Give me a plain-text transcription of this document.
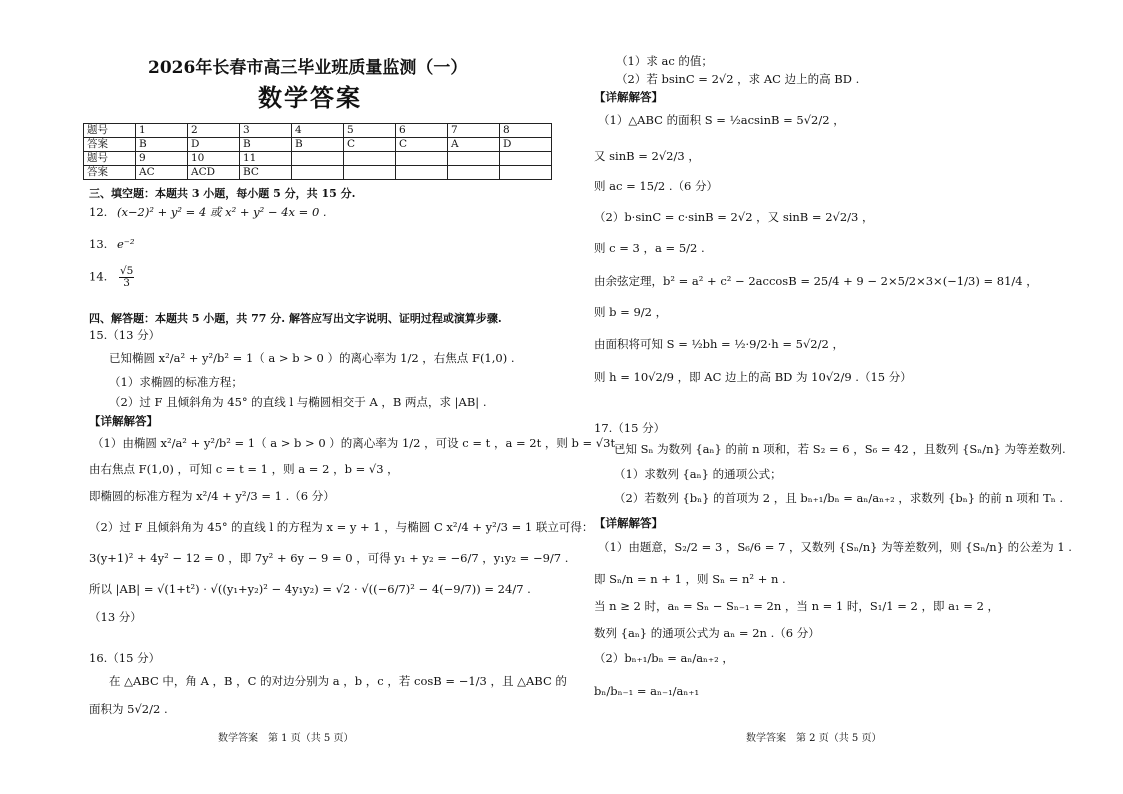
2026年长春市高三毕业班质量监测（一）
数学答案
题号	1	2	3	4	5	6	7	8
答案	B	D	B	B	C	C	A	D
题号	9	10	11					
答案	AC	ACD	BC					
三、填空题：本题共 3 小题，每小题 5 分，共 15 分.
12. (x−2)² + y² = 4 或 x² + y² − 4x = 0 .
13. e⁻²
14. $\frac{√5}{3}$
四、解答题：本题共 5 小题，共 77 分. 解答应写出文字说明、证明过程或演算步骤.
15.（13 分）
已知椭圆 x²/a² + y²/b² = 1（ a > b > 0 ）的离心率为 1/2 ，右焦点 F(1,0) .
（1）求椭圆的标准方程；
（2）过 F 且倾斜角为 45° 的直线 l 与椭圆相交于 A ，B 两点，求 |AB| .
【详解解答】
（1）由椭圆 x²/a² + y²/b² = 1（ a > b > 0 ）的离心率为 1/2 ，可设 c = t ，a = 2t ，则 b = √3t ，
由右焦点 F(1,0) ，可知 c = t = 1 ，则 a = 2 ，b = √3 ，
即椭圆的标准方程为 x²/4 + y²/3 = 1 .（6 分）
（2）过 F 且倾斜角为 45° 的直线 l 的方程为 x = y + 1 ，与椭圆 C x²/4 + y²/3 = 1 联立可得：
3(y+1)² + 4y² − 12 = 0 ，即 7y² + 6y − 9 = 0 ，可得 y₁ + y₂ = −6/7 ，y₁y₂ = −9/7 .
所以 |AB| = √(1+t²) · √((y₁+y₂)² − 4y₁y₂) = √2 · √((−6/7)² − 4(−9/7)) = 24/7 .
（13 分）
16.（15 分）
在 △ABC 中，角 A ，B ，C 的对边分别为 a ，b ，c ，若 cosB = −1/3 ，且 △ABC 的
面积为 5√2/2 .
数学答案　第 1 页（共 5 页）
（1）求 ac 的值；
（2）若 bsinC = 2√2 ，求 AC 边上的高 BD .
【详解解答】
（1）△ABC 的面积 S = ½acsinB = 5√2/2 ，
又 sinB = 2√2/3 ，
则 ac = 15/2 .（6 分）
（2）b·sinC = c·sinB = 2√2 ，又 sinB = 2√2/3 ，
则 c = 3 ，a = 5/2 .
由余弦定理，b² = a² + c² − 2accosB = 25/4 + 9 − 2×5/2×3×(−1/3) = 81/4 ，
则 b = 9/2 ，
由面积将可知 S = ½bh = ½·9/2·h = 5√2/2 ，
则 h = 10√2/9 ，即 AC 边上的高 BD 为 10√2/9 .（15 分）
17.（15 分）
已知 Sₙ 为数列 {aₙ} 的前 n 项和，若 S₂ = 6 ，S₆ = 42 ，且数列 {Sₙ/n} 为等差数列.
（1）求数列 {aₙ} 的通项公式；
（2）若数列 {bₙ} 的首项为 2 ，且 bₙ₊₁/bₙ = aₙ/aₙ₊₂ ，求数列 {bₙ} 的前 n 项和 Tₙ .
【详解解答】
（1）由题意，S₂/2 = 3 ，S₆/6 = 7 ，又数列 {Sₙ/n} 为等差数列，则 {Sₙ/n} 的公差为 1 .
即 Sₙ/n = n + 1 ，则 Sₙ = n² + n .
当 n ≥ 2 时，aₙ = Sₙ − Sₙ₋₁ = 2n ，当 n = 1 时，S₁/1 = 2 ，即 a₁ = 2 ，
数列 {aₙ} 的通项公式为 aₙ = 2n .（6 分）
（2）bₙ₊₁/bₙ = aₙ/aₙ₊₂ ，
bₙ/bₙ₋₁ = aₙ₋₁/aₙ₊₁
数学答案　第 2 页（共 5 页）
